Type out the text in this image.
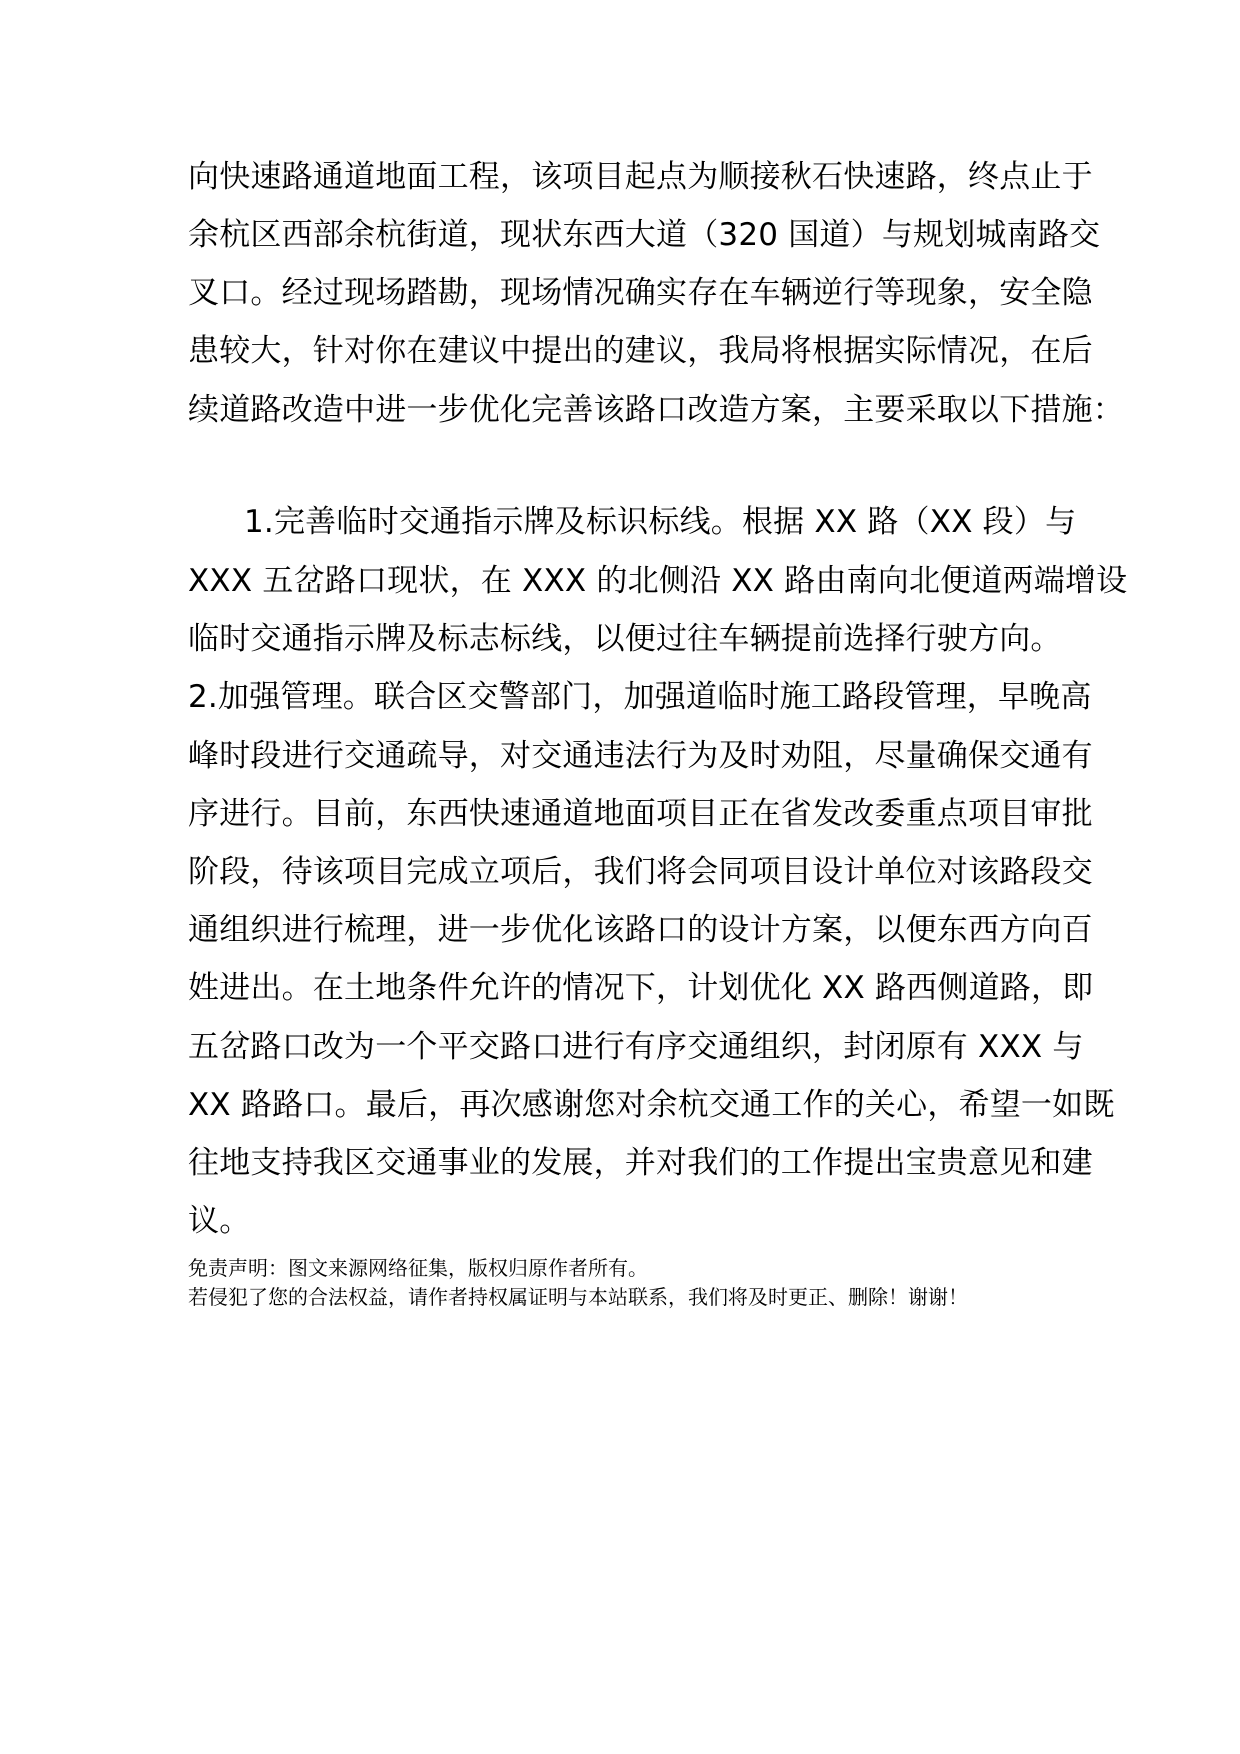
向快速路通道地面工程，该项目起点为顺接秋石快速路，终点止于
余杭区西部余杭街道，现状东西大道（320 国道）与规划城南路交
叉口。经过现场踏勘，现场情况确实存在车辆逆行等现象，安全隐
患较大，针对你在建议中提出的建议，我局将根据实际情况，在后
续道路改造中进一步优化完善该路口改造方案，主要采取以下措施：
1.完善临时交通指示牌及标识标线。根据 XX 路（XX 段）与
XXX 五岔路口现状，在 XXX 的北侧沿 XX 路由南向北便道两端增设
临时交通指示牌及标志标线，以便过往车辆提前选择行驶方向。
2.加强管理。联合区交警部门，加强道临时施工路段管理，早晚高
峰时段进行交通疏导，对交通违法行为及时劝阻，尽量确保交通有
序进行。目前，东西快速通道地面项目正在省发改委重点项目审批
阶段，待该项目完成立项后，我们将会同项目设计单位对该路段交
通组织进行梳理，进一步优化该路口的设计方案，以便东西方向百
姓进出。在土地条件允许的情况下，计划优化 XX 路西侧道路，即
五岔路口改为一个平交路口进行有序交通组织，封闭原有 XXX 与
XX 路路口。最后，再次感谢您对余杭交通工作的关心，希望一如既
往地支持我区交通事业的发展，并对我们的工作提出宝贵意见和建
议。
免责声明：图文来源网络征集，版权归原作者所有。
若侵犯了您的合法权益，请作者持权属证明与本站联系，我们将及时更正、删除！谢谢！
